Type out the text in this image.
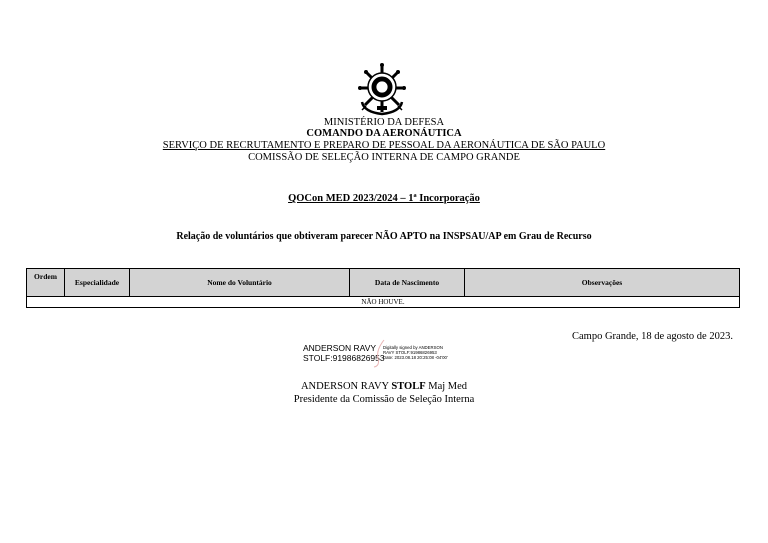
MINISTÉRIO DA DEFESA
COMANDO DA AERONÁUTICA
SERVIÇO DE RECRUTAMENTO E PREPARO DE PESSOAL DA AERONÁUTICA DE SÃO PAULO
COMISSÃO DE SELEÇÃO INTERNA DE CAMPO GRANDE
QOCon MED 2023/2024 – 1ª Incorporação
Relação de voluntários que obtiveram parecer NÃO APTO na INSPSAU/AP em Grau de Recurso
Ordem	Especialidade	Nome do Voluntário	Data de Nascimento	Observações
NÃO HOUVE.
Campo Grande, 18 de agosto de 2023.
ANDERSON RAVY
STOLF:91986826953
Digitally signed by ANDERSON
RAVY STOLF:91986826953
Date: 2023.08.18 20:25:08 -04'00'
ANDERSON RAVY STOLF Maj Med
Presidente da Comissão de Seleção Interna
